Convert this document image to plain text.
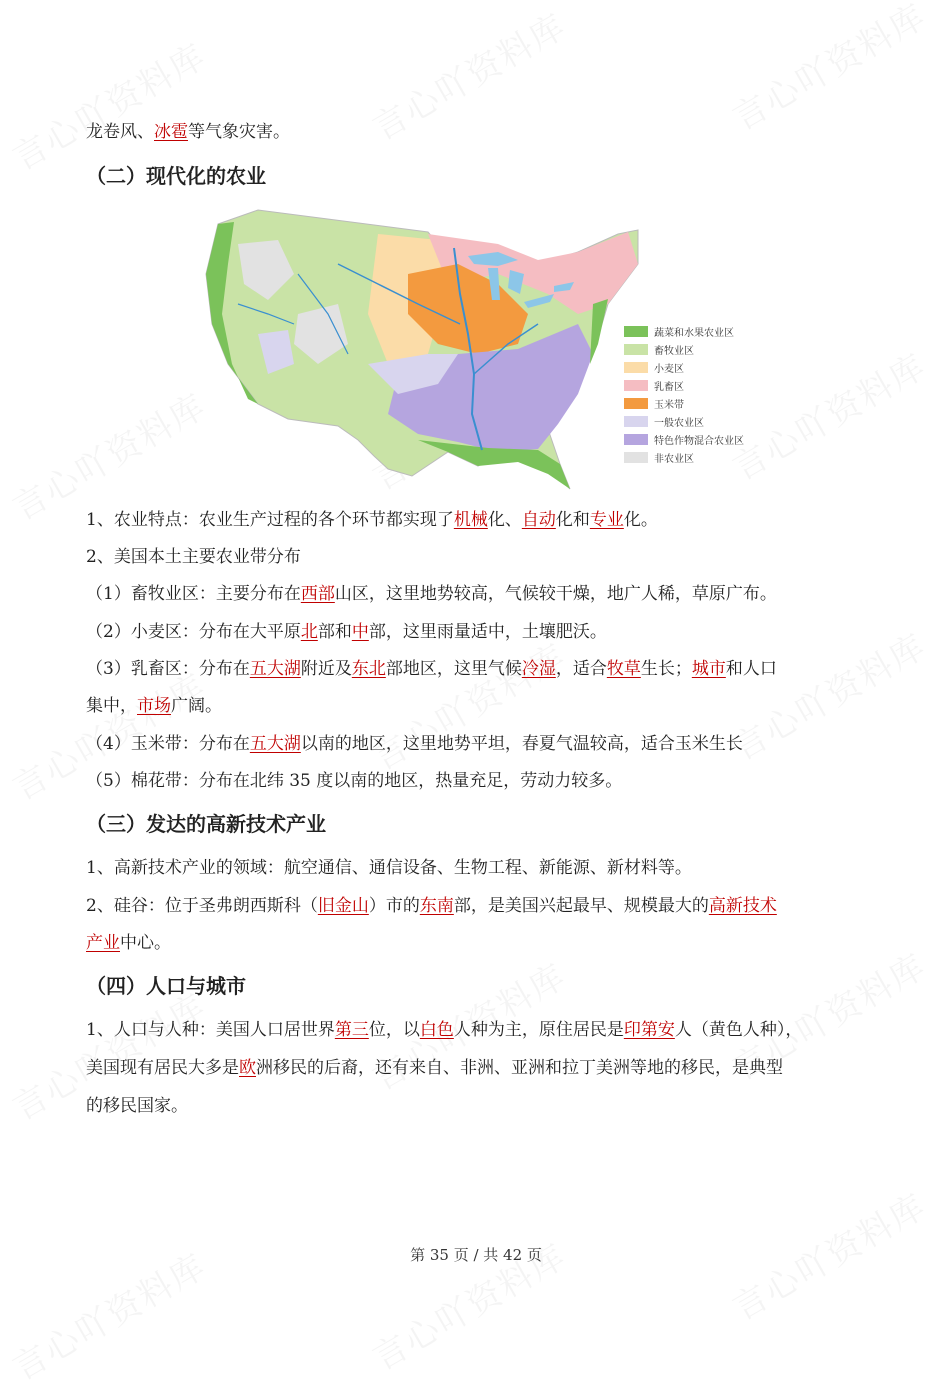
龙卷风、冰雹等气象灾害。
（二）现代化的农业
蔬菜和水果农业区
畜牧业区
小麦区
乳畜区
玉米带
一般农业区
特色作物混合农业区
非农业区
1、农业特点：农业生产过程的各个环节都实现了机械化、自动化和专业化。
2、美国本土主要农业带分布
（1）畜牧业区：主要分布在西部山区，这里地势较高，气候较干燥，地广人稀，草原广布。
（2）小麦区：分布在大平原北部和中部，这里雨量适中，土壤肥沃。
（3）乳畜区：分布在五大湖附近及东北部地区，这里气候冷湿，适合牧草生长；城市和人口
集中，市场广阔。
（4）玉米带：分布在五大湖以南的地区，这里地势平坦，春夏气温较高，适合玉米生长
（5）棉花带：分布在北纬 35 度以南的地区，热量充足，劳动力较多。
（三）发达的高新技术产业
1、高新技术产业的领域：航空通信、通信设备、生物工程、新能源、新材料等。
2、硅谷：位于圣弗朗西斯科（旧金山）市的东南部，是美国兴起最早、规模最大的高新技术
产业中心。
（四）人口与城市
1、人口与人种：美国人口居世界第三位，以白色人种为主，原住居民是印第安人（黄色人种），
美国现有居民大多是欧洲移民的后裔，还有来自、非洲、亚洲和拉丁美洲等地的移民，是典型
的移民国家。
第 35 页 / 共 42 页
